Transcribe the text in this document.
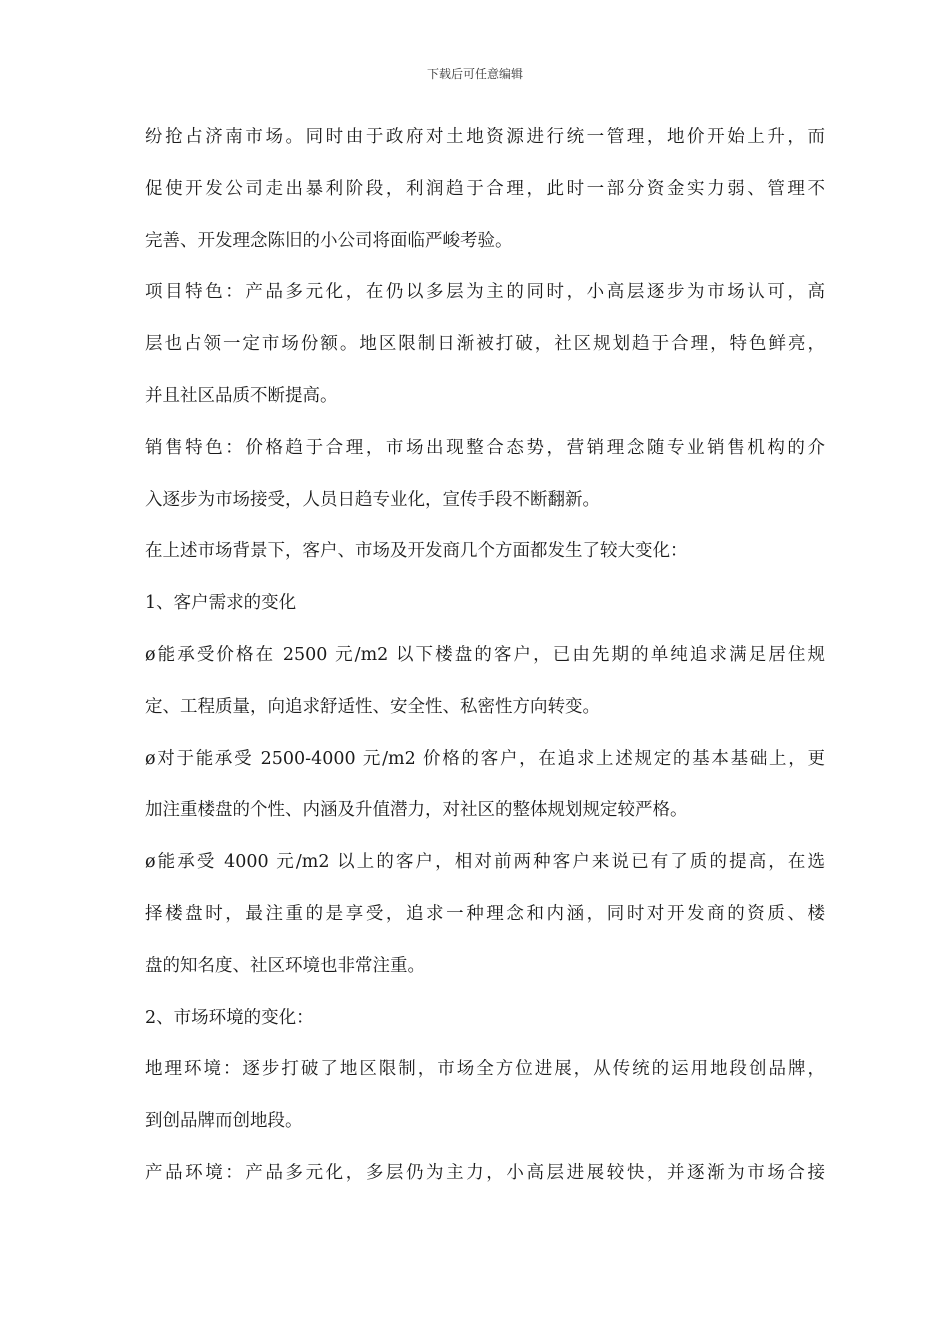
下载后可任意编辑
纷抢占济南市场。同时由于政府对土地资源进行统一管理，地价开始上升，而
促使开发公司走出暴利阶段，利润趋于合理，此时一部分资金实力弱、管理不
完善、开发理念陈旧的小公司将面临严峻考验。
项目特色：产品多元化，在仍以多层为主的同时，小高层逐步为市场认可，高
层也占领一定市场份额。地区限制日渐被打破，社区规划趋于合理，特色鲜亮，
并且社区品质不断提高。
销售特色：价格趋于合理，市场出现整合态势，营销理念随专业销售机构的介
入逐步为市场接受，人员日趋专业化，宣传手段不断翻新。
在上述市场背景下，客户、市场及开发商几个方面都发生了较大变化：
1、客户需求的变化
ø能承受价格在 2500 元/m2 以下楼盘的客户，已由先期的单纯追求满足居住规
定、工程质量，向追求舒适性、安全性、私密性方向转变。
ø对于能承受 2500-4000 元/m2 价格的客户，在追求上述规定的基本基础上，更
加注重楼盘的个性、内涵及升值潜力，对社区的整体规划规定较严格。
ø能承受 4000 元/m2 以上的客户，相对前两种客户来说已有了质的提高，在选
择楼盘时，最注重的是享受，追求一种理念和内涵，同时对开发商的资质、楼
盘的知名度、社区环境也非常注重。
2、市场环境的变化：
地理环境：逐步打破了地区限制，市场全方位进展，从传统的运用地段创品牌，
到创品牌而创地段。
产品环境：产品多元化，多层仍为主力，小高层进展较快，并逐渐为市场合接
